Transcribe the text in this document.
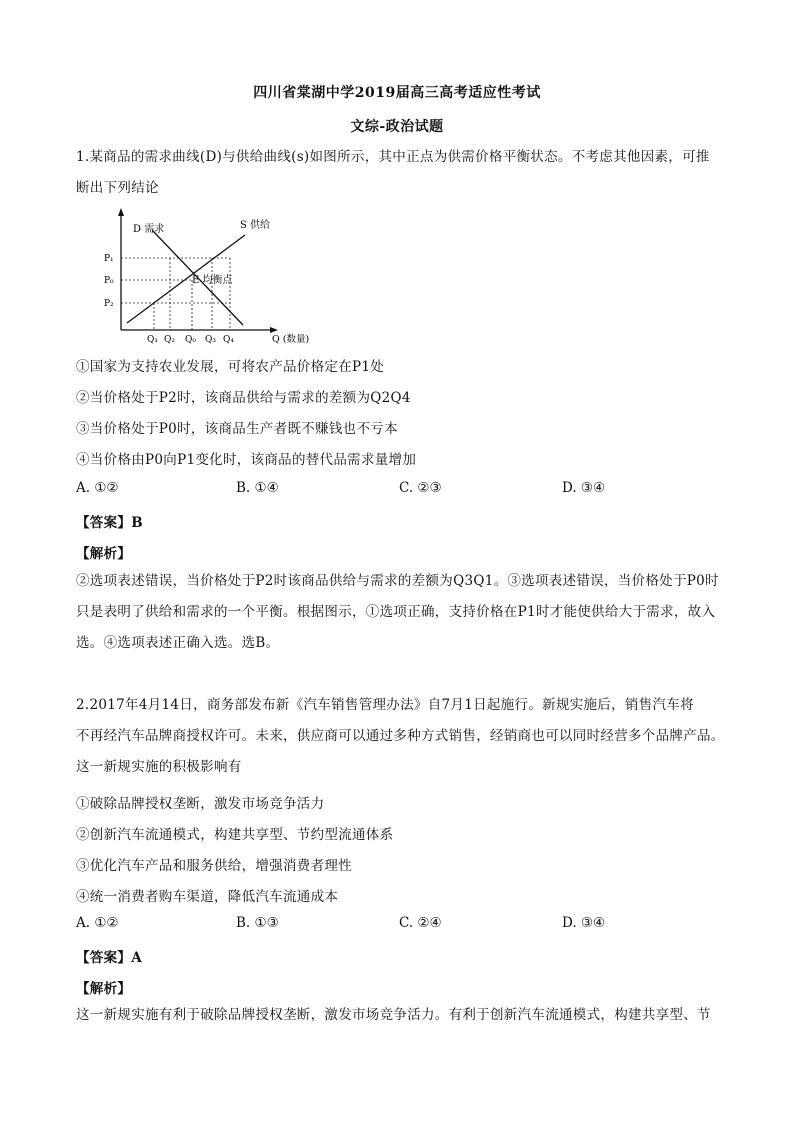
四川省棠湖中学2019届高三高考适应性考试
文综-政治试题
1.某商品的需求曲线(D)与供给曲线(s)如图所示，其中正点为供需价格平衡状态。不考虑其他因素，可推
断出下列结论
D 需求	S 供给
E 均衡点
P₁
P₀
P₂
Q₁ Q₂ Q₀ Q₃ Q₄	Q (数量)
①国家为支持农业发展，可将农产品价格定在P1处
②当价格处于P2时，该商品供给与需求的差额为Q2Q4
③当价格处于P0时，该商品生产者既不赚钱也不亏本
④当价格由P0向P1变化时，该商品的替代品需求量增加
A. ①②	B. ①④	C. ②③	D. ③④
【答案】B
【解析】
②选项表述错误，当价格处于P2时该商品供给与需求的差额为Q3Q1。③选项表述错误，当价格处于P0时
只是表明了供给和需求的一个平衡。根据图示，①选项正确，支持价格在P1时才能使供给大于需求，故入
选。④选项表述正确入选。选B。
2.2017年4月14日，商务部发布新《汽车销售管理办法》自7月1日起施行。新规实施后，销售汽车将
不再经汽车品牌商授权许可。未来，供应商可以通过多种方式销售，经销商也可以同时经营多个品牌产品。
这一新规实施的积极影响有
①破除品牌授权垄断，激发市场竞争活力
②创新汽车流通模式，构建共享型、节约型流通体系
③优化汽车产品和服务供给，增强消费者理性
④统一消费者购车渠道，降低汽车流通成本
A. ①②	B. ①③	C. ②④	D. ③④
【答案】A
【解析】
这一新规实施有利于破除品牌授权垄断，激发市场竞争活力。有利于创新汽车流通模式，构建共享型、节
